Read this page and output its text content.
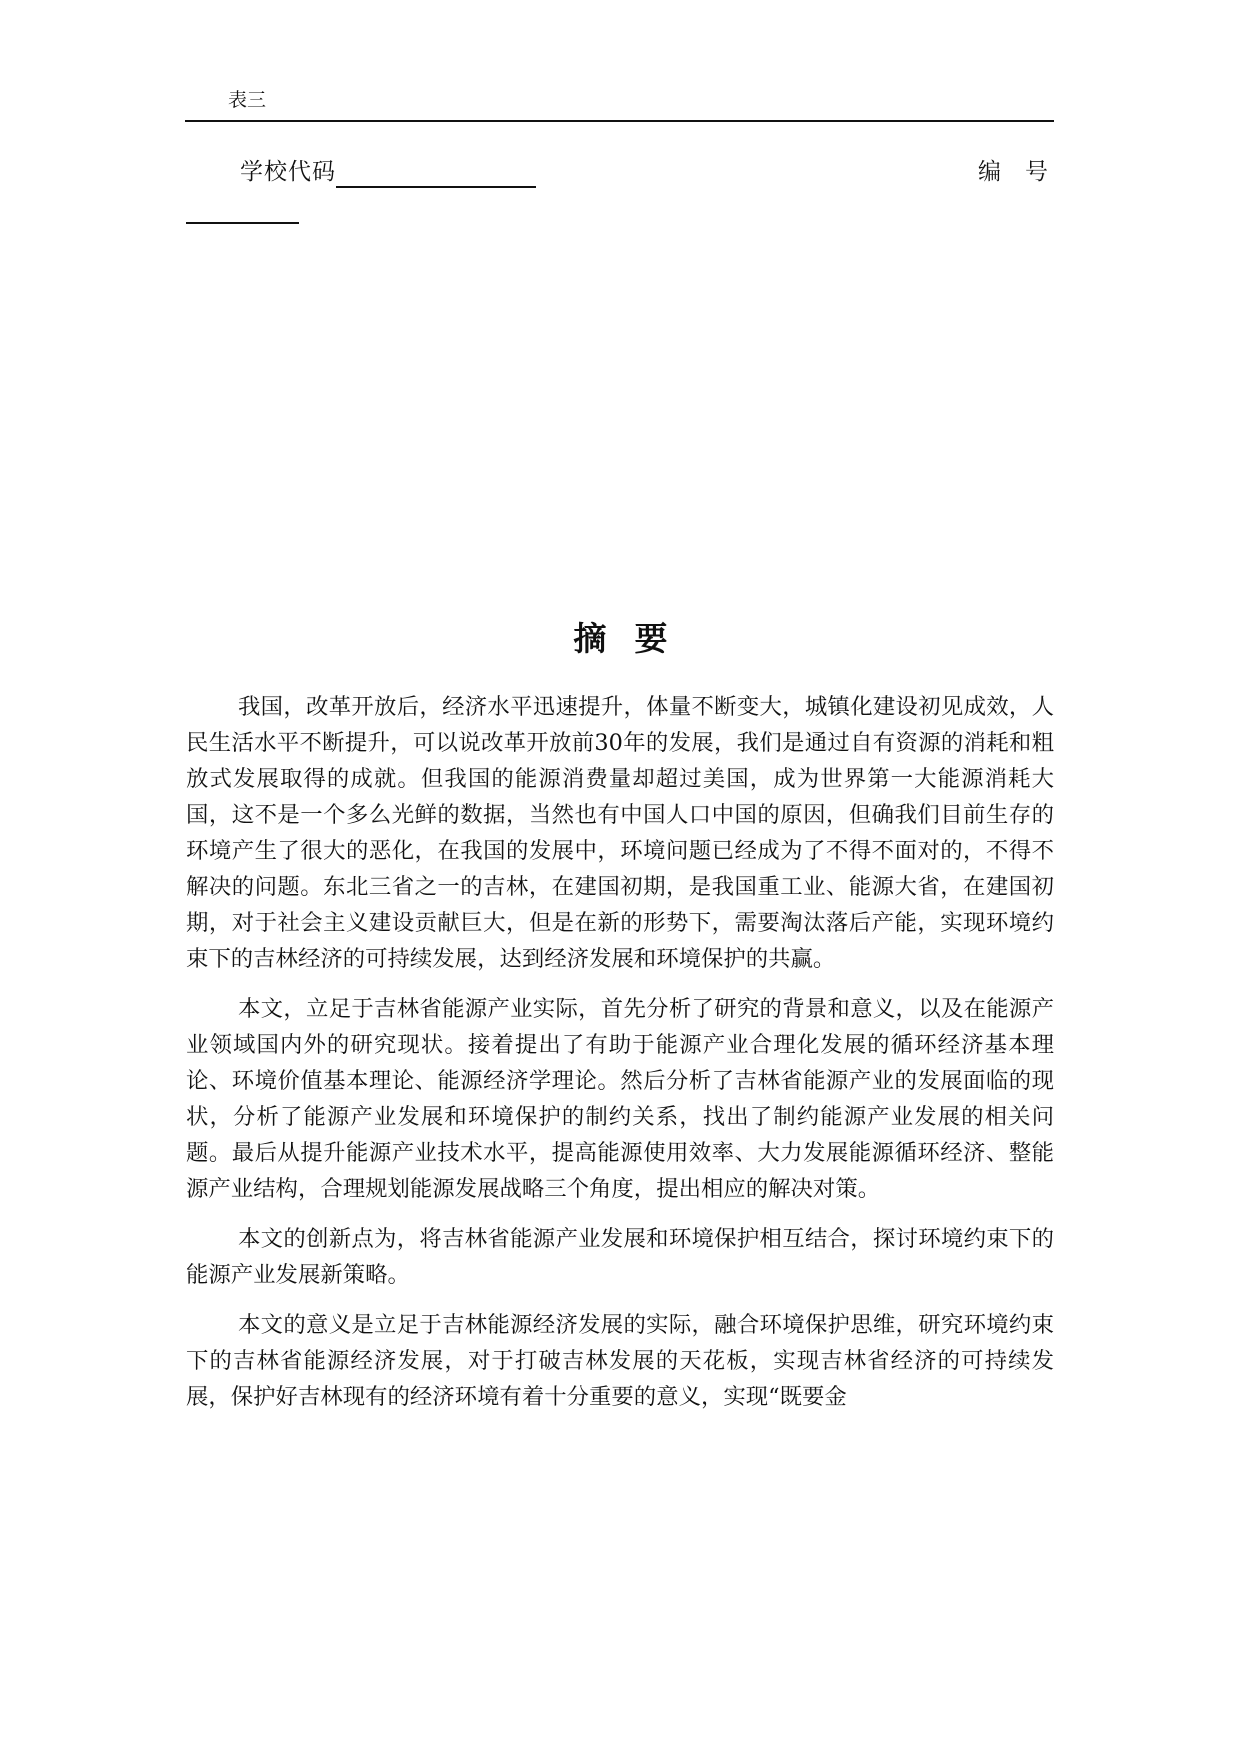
表三
学校代码	编号
摘要

我国，改革开放后，经济水平迅速提升，体量不断变大，城镇化建设初见成效，人民生活水平不断提升，可以说改革开放前30年的发展，我们是通过自有资源的消耗和粗放式发展取得的成就。但我国的能源消费量却超过美国，成为世界第一大能源消耗大国，这不是一个多么光鲜的数据，当然也有中国人口中国的原因，但确我们目前生存的环境产生了很大的恶化，在我国的发展中，环境问题已经成为了不得不面对的，不得不解决的问题。东北三省之一的吉林，在建国初期，是我国重工业、能源大省，在建国初期，对于社会主义建设贡献巨大，但是在新的形势下，需要淘汰落后产能，实现环境约束下的吉林经济的可持续发展，达到经济发展和环境保护的共赢。

本文，立足于吉林省能源产业实际，首先分析了研究的背景和意义，以及在能源产业领域国内外的研究现状。接着提出了有助于能源产业合理化发展的循环经济基本理论、环境价值基本理论、能源经济学理论。然后分析了吉林省能源产业的发展面临的现状，分析了能源产业发展和环境保护的制约关系，找出了制约能源产业发展的相关问题。最后从提升能源产业技术水平，提高能源使用效率、大力发展能源循环经济、整能源产业结构，合理规划能源发展战略三个角度，提出相应的解决对策。

本文的创新点为，将吉林省能源产业发展和环境保护相互结合，探讨环境约束下的能源产业发展新策略。

本文的意义是立足于吉林能源经济发展的实际，融合环境保护思维，研究环境约束下的吉林省能源经济发展，对于打破吉林发展的天花板，实现吉林省经济的可持续发展，保护好吉林现有的经济环境有着十分重要的意义，实现“既要金
